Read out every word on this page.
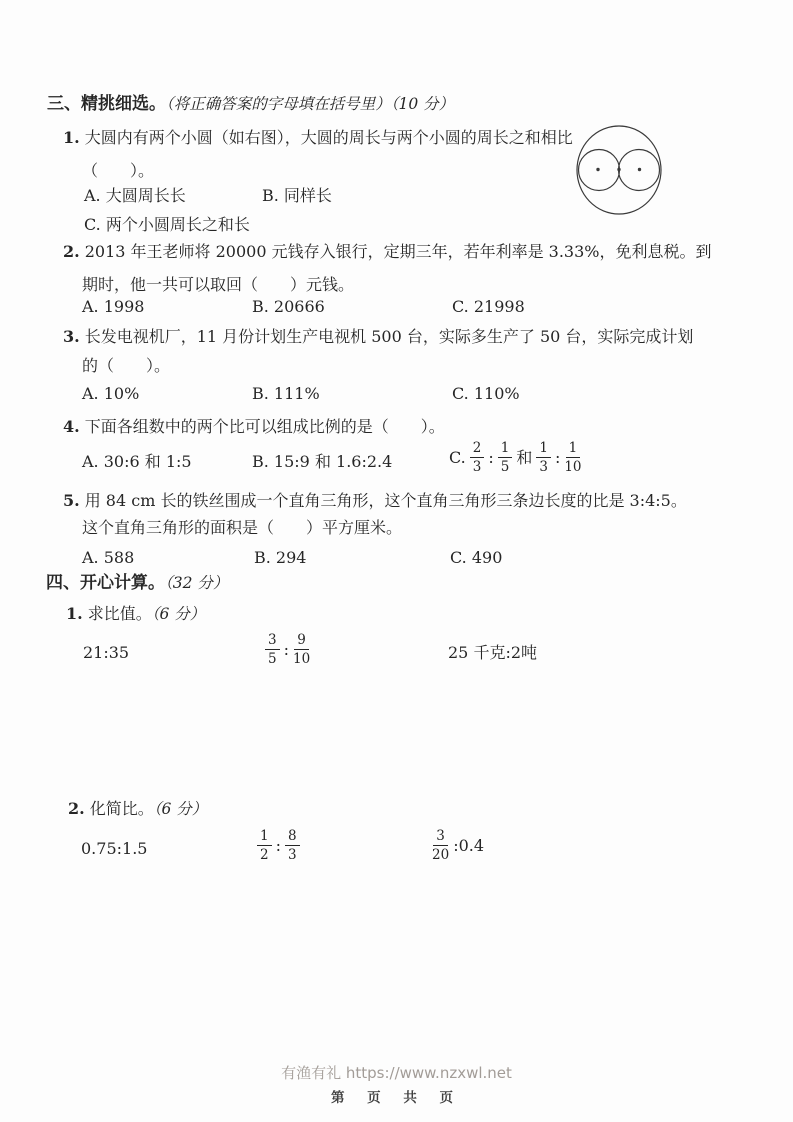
三、精挑细选。（将正确答案的字母填在括号里）（10 分）
1. 大圆内有两个小圆（如右图），大圆的周长与两个小圆的周长之和相比
（　　）。
A. 大圆周长长	B. 同样长
C. 两个小圆周长之和长
2. 2013 年王老师将 20000 元钱存入银行，定期三年，若年利率是 3.33%，免利息税。到
期时，他一共可以取回（　　）元钱。
A. 1998	B. 20666	C. 21998
3. 长发电视机厂，11 月份计划生产电视机 500 台，实际多生产了 50 台，实际完成计划
的（　　）。
A. 10%	B. 111%	C. 110%
4. 下面各组数中的两个比可以组成比例的是（　　）。
A. 30:6 和 1:5	B. 15:9 和 1.6:2.4	C. $\frac{2}{3}$ : $\frac{1}{5}$ 和 $\frac{1}{3}$ : $\frac{1}{10}$
5. 用 84 cm 长的铁丝围成一个直角三角形，这个直角三角形三条边长度的比是 3:4:5。
这个直角三角形的面积是（　　）平方厘米。
A. 588	B. 294	C. 490
四、开心计算。（32 分）
1. 求比值。（6 分）
21:35	$\frac{3}{5}$ : $\frac{9}{10}$	25 千克:2吨
2. 化简比。（6 分）
0.75:1.5	$\frac{1}{2}$ : $\frac{8}{3}$	$\frac{3}{20}$ :0.4
有渔有礼 https://www.nzxwl.net
第 页 共 页
